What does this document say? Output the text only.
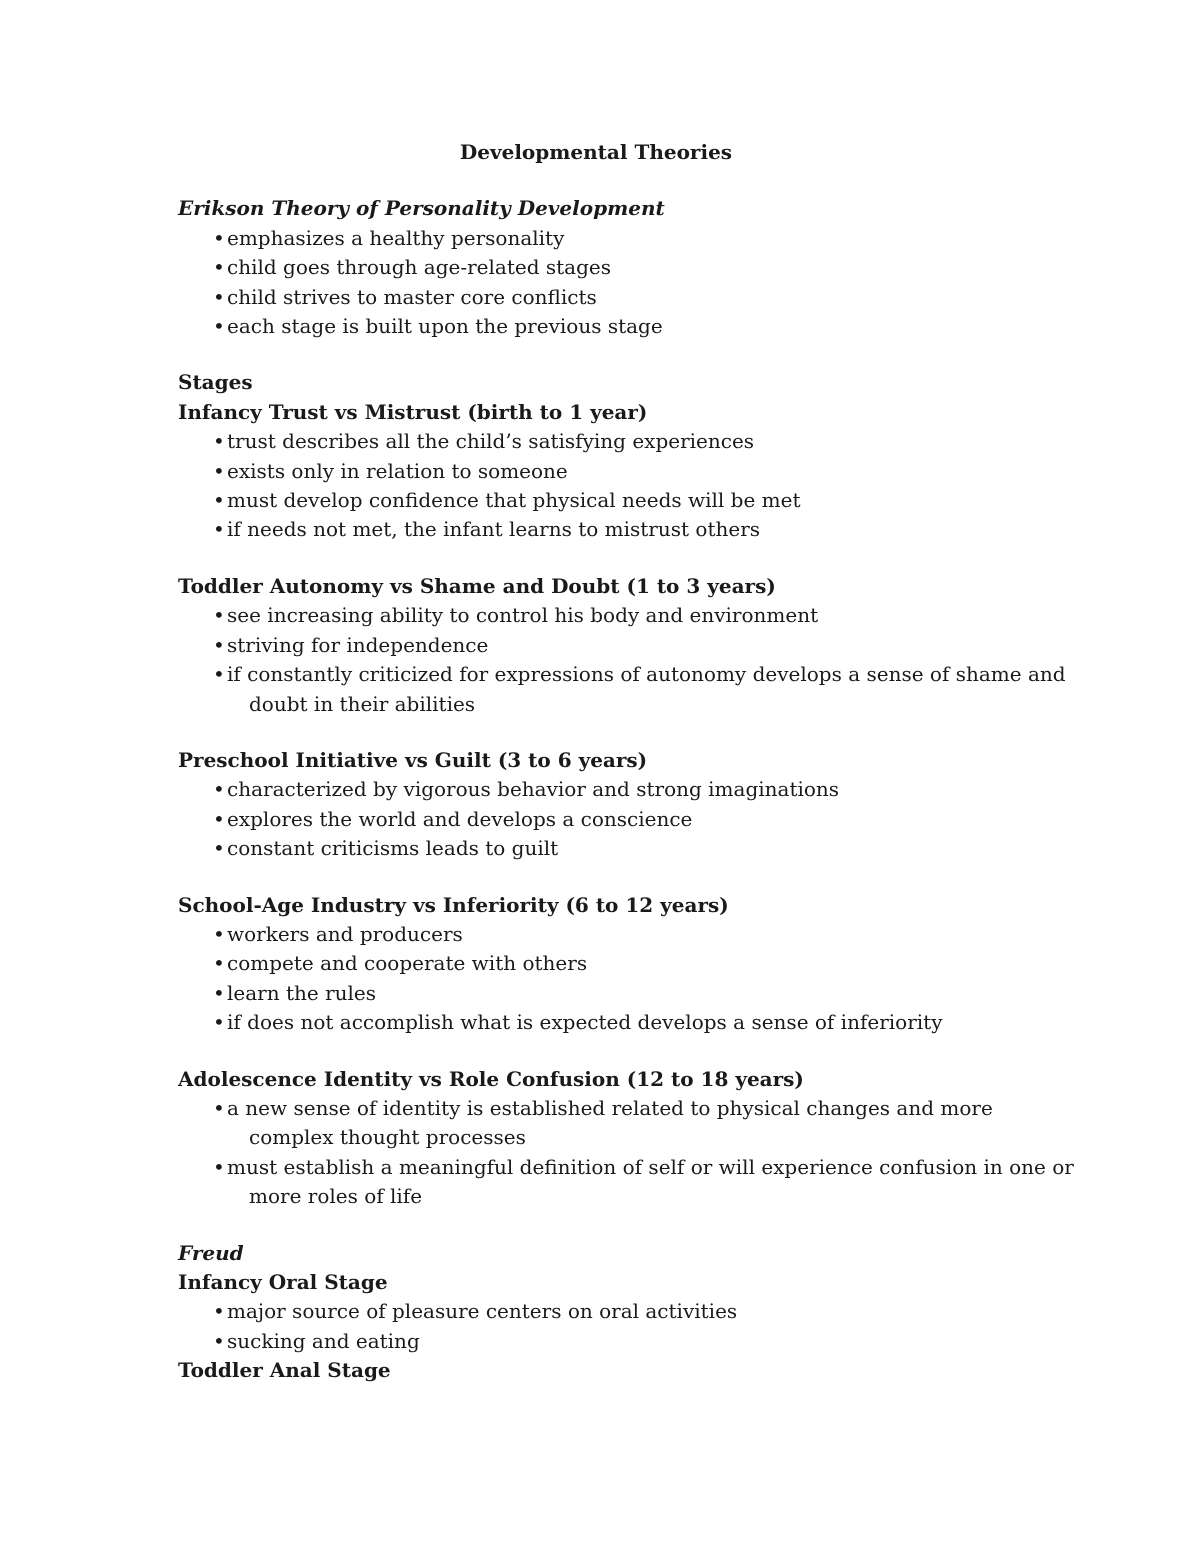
Developmental Theories

Erikson Theory of Personality Development

• emphasizes a healthy personality
• child goes through age-related stages
• child strives to master core conflicts
• each stage is built upon the previous stage

Stages

Infancy Trust vs Mistrust (birth to 1 year)

• trust describes all the child’s satisfying experiences
• exists only in relation to someone
• must develop confidence that physical needs will be met
• if needs not met, the infant learns to mistrust others

Toddler Autonomy vs Shame and Doubt (1 to 3 years)

• see increasing ability to control his body and environment
• striving for independence
• if constantly criticized for expressions of autonomy develops a sense of shame and doubt in their abilities

Preschool Initiative vs Guilt (3 to 6 years)

• characterized by vigorous behavior and strong imaginations
• explores the world and develops a conscience
• constant criticisms leads to guilt

School-Age Industry vs Inferiority (6 to 12 years)

• workers and producers
• compete and cooperate with others
• learn the rules
• if does not accomplish what is expected develops a sense of inferiority

Adolescence Identity vs Role Confusion (12 to 18 years)

• a new sense of identity is established related to physical changes and more complex thought processes
• must establish a meaningful definition of self or will experience confusion in one or more roles of life

Freud

Infancy Oral Stage

• major source of pleasure centers on oral activities
• sucking and eating

Toddler Anal Stage
